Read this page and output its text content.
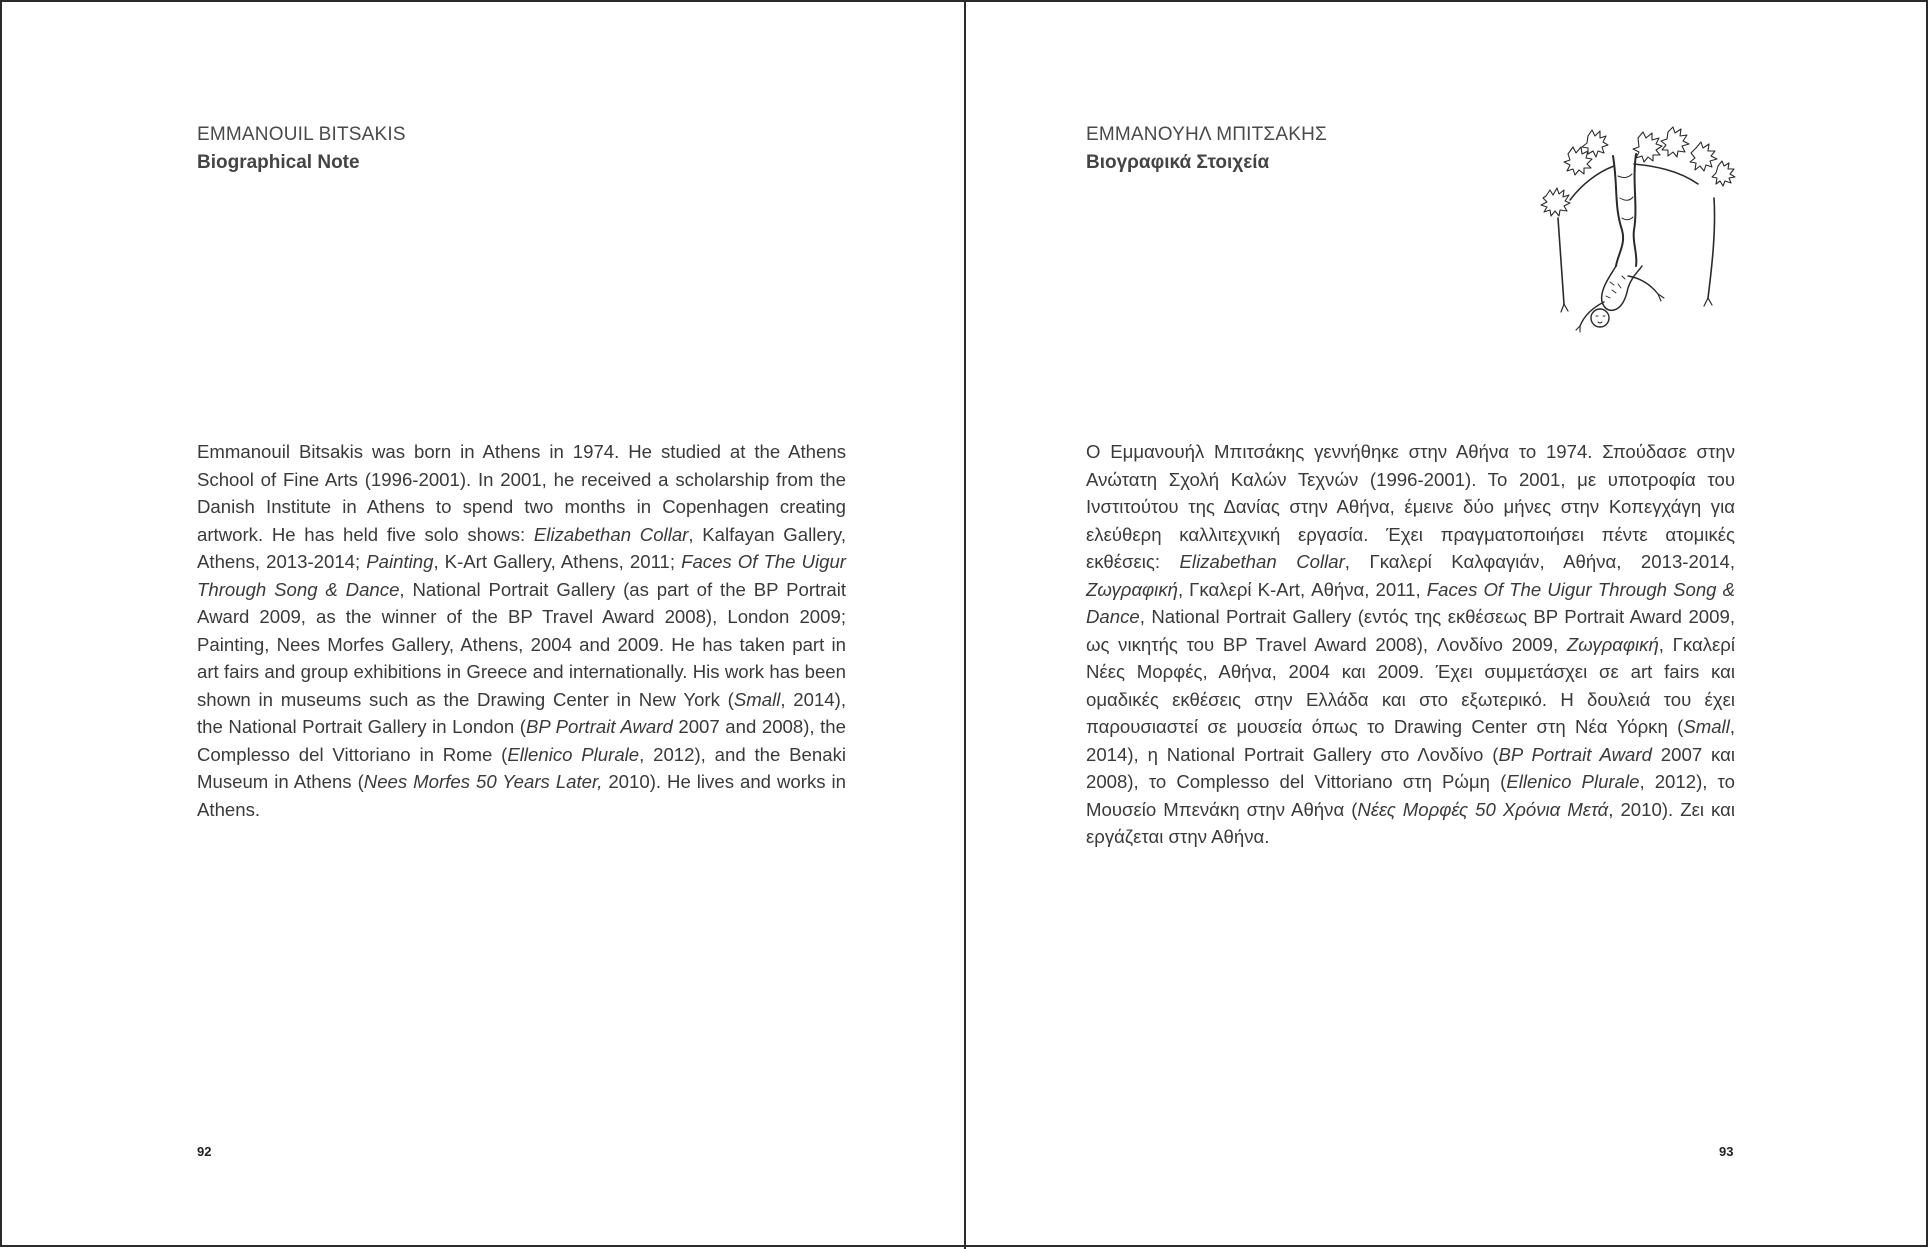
EMMANOUIL BITSAKIS
Biographical Note

Emmanouil Bitsakis was born in Athens in 1974. He studied at the Athens School of Fine Arts (1996-2001). In 2001, he received a scholarship from the Danish Institute in Athens to spend two months in Copenhagen creating artwork. He has held five solo shows: Elizabethan Collar, Kalfayan Gallery, Athens, 2013-2014; Painting, K-Art Gallery, Athens, 2011; Faces Of The Uigur Through Song & Dance, National Portrait Gallery (as part of the BP Portrait Award 2009, as the winner of the BP Travel Award 2008), London 2009; Painting, Nees Morfes Gallery, Athens, 2004 and 2009. He has taken part in art fairs and group exhibitions in Greece and internationally. His work has been shown in museums such as the Drawing Center in New York (Small, 2014), the National Portrait Gallery in London (BP Portrait Award 2007 and 2008), the Complesso del Vittoriano in Rome (Ellenico Plurale, 2012), and the Benaki Museum in Athens (Nees Morfes 50 Years Later, 2010). He lives and works in Athens.

92
ΕΜΜΑΝΟΥΗΛ ΜΠΙΤΣΑΚΗΣ
Βιογραφικά Στοιχεία

Ο Εμμανουήλ Μπιτσάκης γεννήθηκε στην Αθήνα το 1974. Σπούδασε στην Ανώτατη Σχολή Καλών Τεχνών (1996-2001). Το 2001, με υποτροφία του Ινστιτούτου της Δανίας στην Αθήνα, έμεινε δύο μήνες στην Κοπεγχάγη για ελεύθερη καλλιτεχνική εργασία. Έχει πραγματοποιήσει πέντε ατομικές εκθέσεις: Elizabethan Collar, Γκαλερί Καλφαγιάν, Αθήνα, 2013-2014, Ζωγραφική, Γκαλερί K-Art, Αθήνα, 2011, Faces Of The Uigur Through Song & Dance, National Portrait Gallery (εντός της εκθέσεως BP Portrait Award 2009, ως νικητής του BP Travel Award 2008), Λονδίνο 2009, Ζωγραφική, Γκαλερί Νέες Μορφές, Αθήνα, 2004 και 2009. Έχει συμμετάσχει σε art fairs και ομαδικές εκθέσεις στην Ελλάδα και στο εξωτερικό. Η δουλειά του έχει παρουσιαστεί σε μουσεία όπως το Drawing Center στη Νέα Υόρκη (Small, 2014), η National Portrait Gallery στο Λονδίνο (BP Portrait Award 2007 και 2008), το Complesso del Vittoriano στη Ρώμη (Ellenico Plurale, 2012), το Μουσείο Μπενάκη στην Αθήνα (Νέες Μορφές 50 Χρόνια Μετά, 2010). Ζει και εργάζεται στην Αθήνα.

93
